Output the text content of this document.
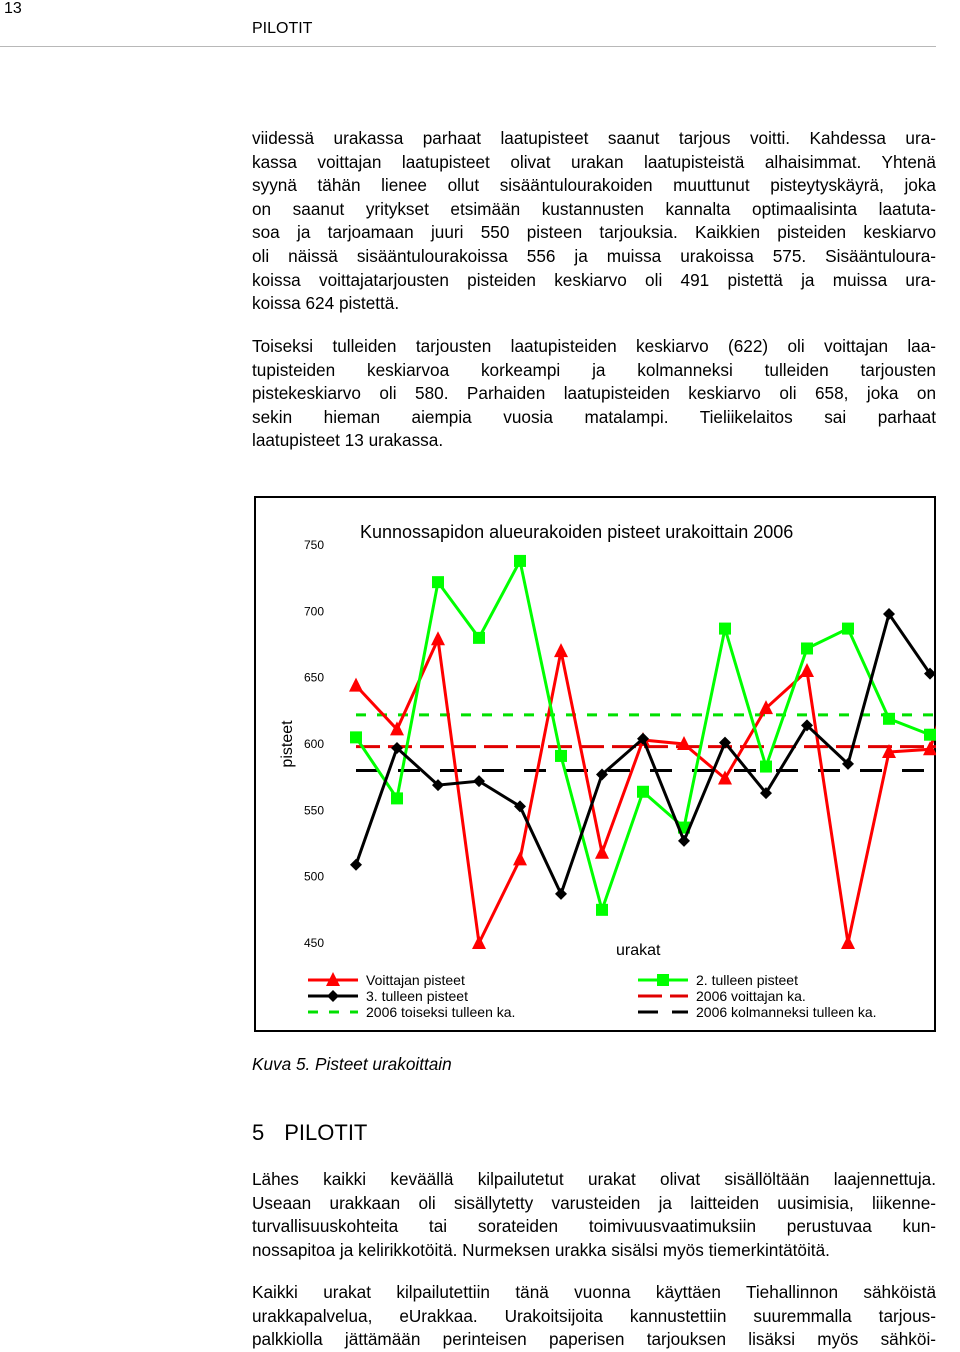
13
PILOTIT

viidessä urakassa parhaat laatupisteet saanut tarjous voitti. Kahdessa ura-
kassa voittajan laatupisteet olivat urakan laatupisteistä alhaisimmat. Yhtenä
syynä tähän lienee ollut sisääntulourakoiden muuttunut pisteytyskäyrä, joka
on saanut yritykset etsimään kustannusten kannalta optimaalisinta laatuta-
soa ja tarjoamaan juuri 550 pisteen tarjouksia. Kaikkien pisteiden keskiarvo
oli näissä sisääntulourakoissa 556 ja muissa urakoissa 575. Sisääntuloura-
koissa voittajatarjousten pisteiden keskiarvo oli 491 pistettä ja muissa ura-
koissa 624 pistettä.

Toiseksi tulleiden tarjousten laatupisteiden keskiarvo (622) oli voittajan laa-
tupisteiden keskiarvoa korkeampi ja kolmanneksi tulleiden tarjousten
pistekeskiarvo oli 580. Parhaiden laatupisteiden keskiarvo oli 658, joka on
sekin hieman aiempia vuosia matalampi. Tieliikelaitos sai parhaat
laatupisteet 13 urakassa.

Kunnossapidon alueurakoiden pisteet urakoittain 2006
450
500
550
600
650
700
750
pisteet
urakat
Voittajan pisteet	2. tulleen pisteet
3. tulleen pisteet	2006 voittajan ka.
2006 toiseksi tulleen ka.	2006 kolmanneksi tulleen ka.
Kuva 5. Pisteet urakoittain
5 PILOTIT

Lähes kaikki keväällä kilpailutetut urakat olivat sisällöltään laajennettuja.
Useaan urakkaan oli sisällytetty varusteiden ja laitteiden uusimisia, liikenne-
turvallisuuskohteita tai sorateiden toimivuusvaatimuksiin perustuvaa kun-
nossapitoa ja kelirikkotöitä. Nurmeksen urakka sisälsi myös tiemerkintätöitä.

Kaikki urakat kilpailutettiin tänä vuonna käyttäen Tiehallinnon sähköistä
urakkapalvelua, eUrakkaa. Urakoitsijoita kannustettiin suuremmalla tarjous-
palkkiolla jättämään perinteisen paperisen tarjouksen lisäksi myös sähköi-
